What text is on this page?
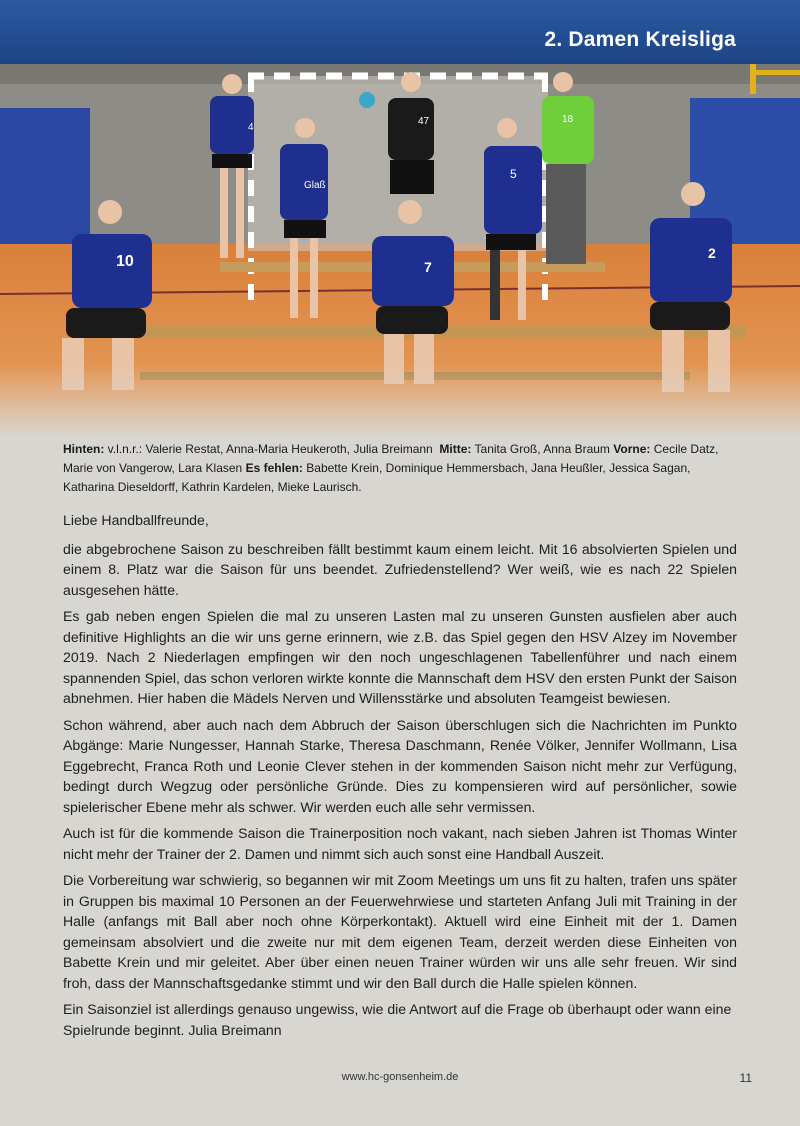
2. Damen Kreisliga
4
47	18
Glaß
5
10	7
2
Hinten: v.l.n.r.: Valerie Restat, Anna-Maria Heukeroth, Julia Breimann Mitte: Tanita Groß, Anna Braum Vorne: Cecile Datz, Marie von Vangerow, Lara Klasen Es fehlen: Babette Krein, Dominique Hemmersbach, Jana Heußler, Jessica Sagan, Katharina Dieseldorff, Kathrin Kardelen, Mieke Laurisch.

Liebe Handballfreunde,

die abgebrochene Saison zu beschreiben fällt bestimmt kaum einem leicht. Mit 16 absolvierten Spielen und einem 8. Platz war die Saison für uns beendet. Zufriedenstellend? Wer weiß, wie es nach 22 Spielen ausgesehen hätte.

Es gab neben engen Spielen die mal zu unseren Lasten mal zu unseren Gunsten ausfielen aber auch definitive Highlights an die wir uns gerne erinnern, wie z.B. das Spiel gegen den HSV Alzey im November 2019. Nach 2 Niederlagen empfingen wir den noch ungeschlagenen Tabellenführer und nach einem spannenden Spiel, das schon verloren wirkte konnte die Mannschaft dem HSV den ersten Punkt der Saison abnehmen. Hier haben die Mädels Nerven und Willensstärke und absoluten Teamgeist bewiesen.

Schon während, aber auch nach dem Abbruch der Saison überschlugen sich die Nachrichten im Punkto Abgänge: Marie Nungesser, Hannah Starke, Theresa Daschmann, Renée Völker, Jennifer Wollmann, Lisa Eggebrecht, Franca Roth und Leonie Clever stehen in der kommenden Saison nicht mehr zur Verfügung, bedingt durch Wegzug oder persönliche Gründe. Dies zu kompensieren wird auf persönlicher, sowie spielerischer Ebene mehr als schwer. Wir werden euch alle sehr vermissen.

Auch ist für die kommende Saison die Trainerposition noch vakant, nach sieben Jahren ist Thomas Winter nicht mehr der Trainer der 2. Damen und nimmt sich auch sonst eine Handball Auszeit.

Die Vorbereitung war schwierig, so begannen wir mit Zoom Meetings um uns fit zu halten, trafen uns später in Gruppen bis maximal 10 Personen an der Feuerwehrwiese und starteten Anfang Juli mit Training in der Halle (anfangs mit Ball aber noch ohne Körperkontakt). Aktuell wird eine Einheit mit der 1. Damen gemeinsam absolviert und die zweite nur mit dem eigenen Team, derzeit werden diese Einheiten von Babette Krein und mir geleitet. Aber über einen neuen Trainer würden wir uns alle sehr freuen. Wir sind froh, dass der Mannschaftsgedanke stimmt und wir den Ball durch die Halle spielen können.

Ein Saisonziel ist allerdings genauso ungewiss, wie die Antwort auf die Frage ob überhaupt oder wann eine Spielrunde beginnt. Julia Breimann

www.hc-gonsenheim.de	11
